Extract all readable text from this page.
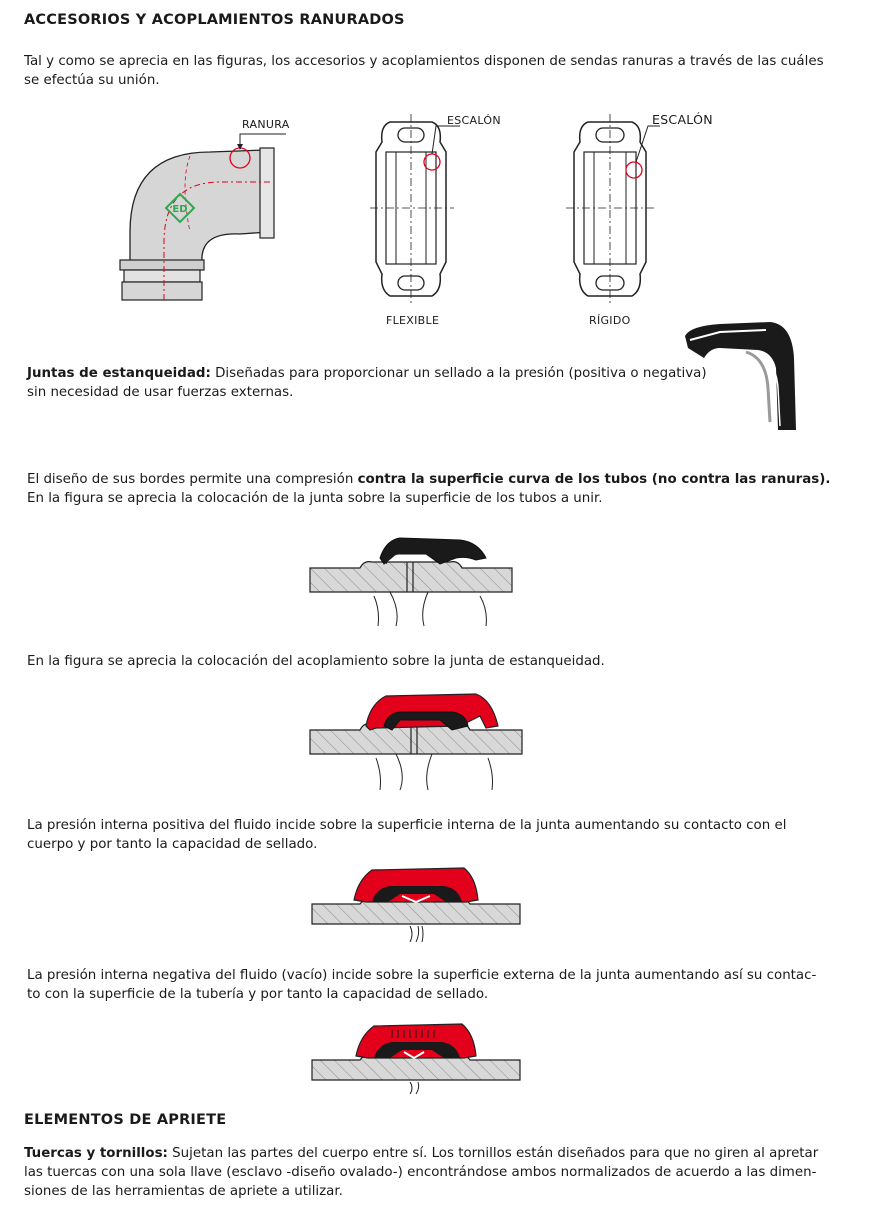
ACCESORIOS Y ACOPLAMIENTOS RANURADOS

Tal y como se aprecia en las figuras, los accesorios y acoplamientos disponen de sendas ranuras a través de las cuáles
se efectúa su unión.

ED
RANURA	ESCALÓN
FLEXIBLE
ESCALÓN
RÍGIDO

Juntas de estanqueidad: Diseñadas para proporcionar un sellado a la presión (positiva o negativa)
sin necesidad de usar fuerzas externas.

El diseño de sus bordes permite una compresión contra la superficie curva de los tubos (no contra las ranuras).
En la figura se aprecia la colocación de la junta sobre la superficie de los tubos a unir.

En la figura se aprecia la colocación del acoplamiento sobre la junta de estanqueidad.

La presión interna positiva del fluido incide sobre la superficie interna de la junta aumentando su contacto con el
cuerpo y por tanto la capacidad de sellado.

La presión interna negativa del fluido (vacío) incide sobre la superficie externa de la junta aumentando así su contac-
to con la superficie de la tubería y por tanto la capacidad de sellado.

ELEMENTOS DE APRIETE

Tuercas y tornillos: Sujetan las partes del cuerpo entre sí. Los tornillos están diseñados para que no giren al apretar
las tuercas con una sola llave (esclavo -diseño ovalado-) encontrándose ambos normalizados de acuerdo a las dimen-
siones de las herramientas de apriete a utilizar.
